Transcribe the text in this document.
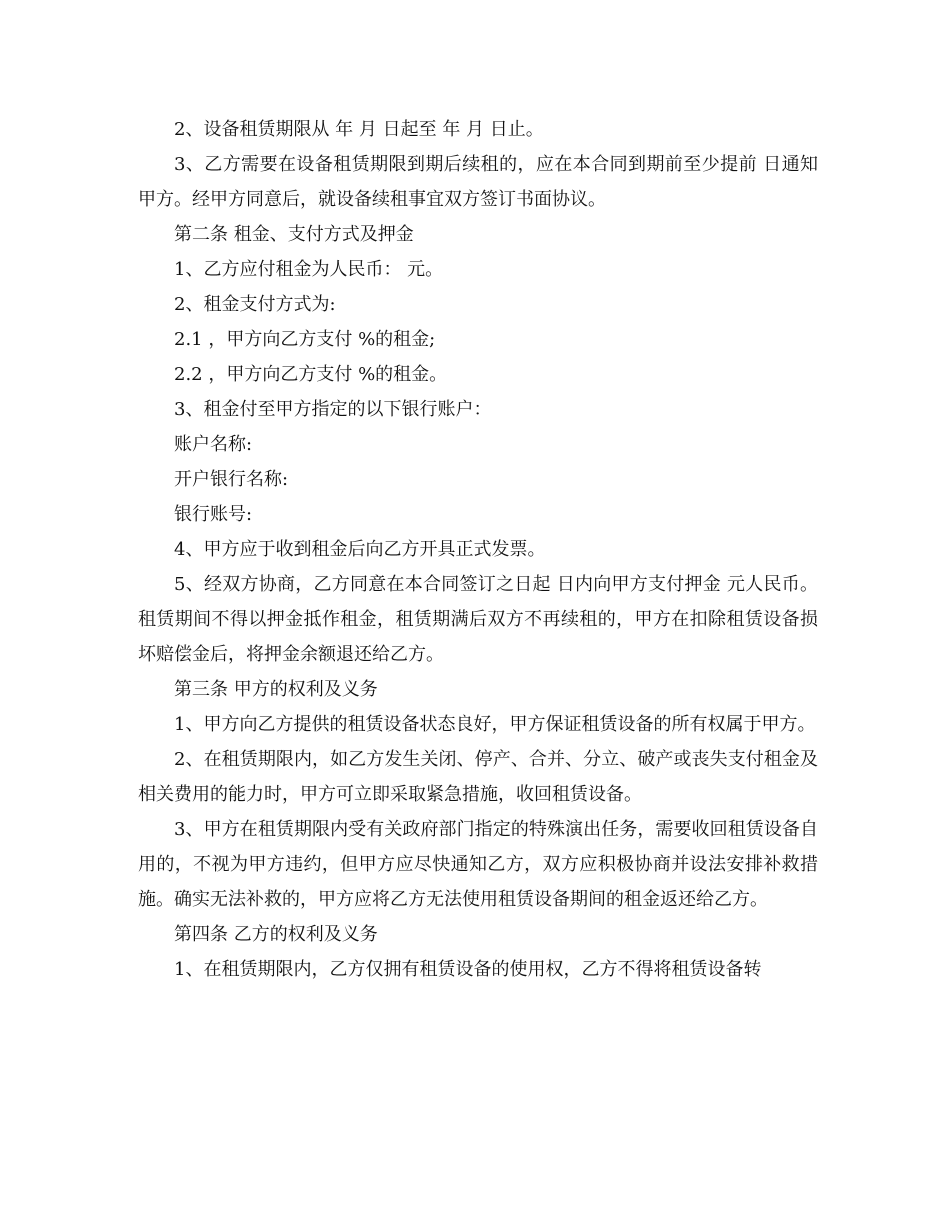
2、设备租赁期限从 年 月 日起至 年 月 日止。

3、乙方需要在设备租赁期限到期后续租的，应在本合同到期前至少提前 日通知甲方。经甲方同意后，就设备续租事宜双方签订书面协议。

第二条 租金、支付方式及押金

1、乙方应付租金为人民币： 元。

2、租金支付方式为:

2.1 ，甲方向乙方支付 %的租金;

2.2 ，甲方向乙方支付 %的租金。

3、租金付至甲方指定的以下银行账户：

账户名称:

开户银行名称:

银行账号:

4、甲方应于收到租金后向乙方开具正式发票。

5、经双方协商，乙方同意在本合同签订之日起 日内向甲方支付押金 元人民币。租赁期间不得以押金抵作租金，租赁期满后双方不再续租的，甲方在扣除租赁设备损坏赔偿金后，将押金余额退还给乙方。

第三条 甲方的权利及义务

1、甲方向乙方提供的租赁设备状态良好，甲方保证租赁设备的所有权属于甲方。

2、在租赁期限内，如乙方发生关闭、停产、合并、分立、破产或丧失支付租金及相关费用的能力时，甲方可立即采取紧急措施，收回租赁设备。

3、甲方在租赁期限内受有关政府部门指定的特殊演出任务，需要收回租赁设备自用的，不视为甲方违约，但甲方应尽快通知乙方，双方应积极协商并设法安排补救措施。确实无法补救的，甲方应将乙方无法使用租赁设备期间的租金返还给乙方。

第四条 乙方的权利及义务

1、在租赁期限内，乙方仅拥有租赁设备的使用权，乙方不得将租赁设备转
